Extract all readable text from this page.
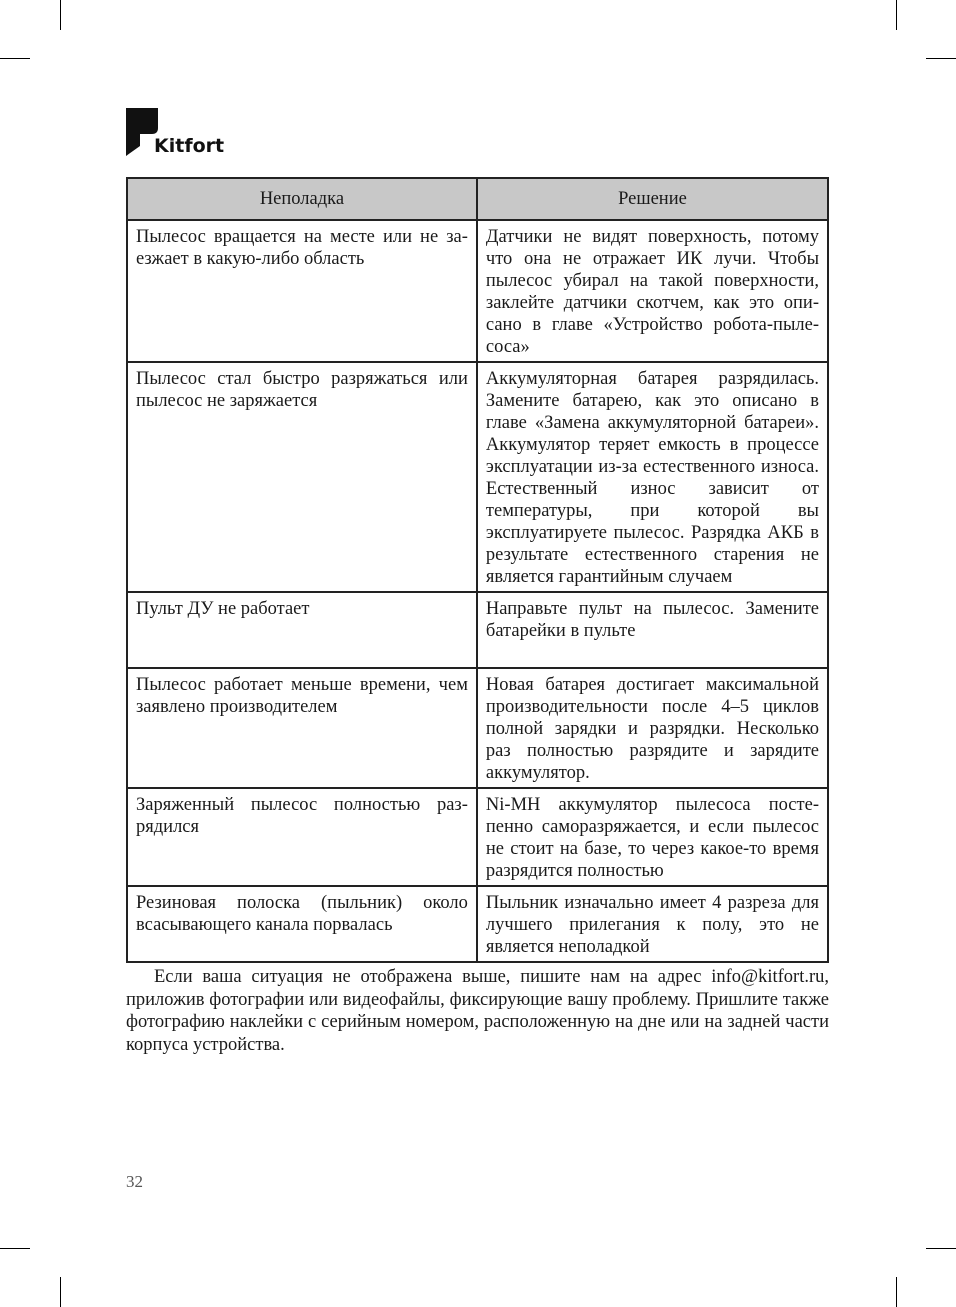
Kitfort
Неполадка	Решение
Пылесос вращается на месте или не заезжает в какую-либо область	Датчики не видят поверхность, потому что она не отражает ИК лучи. Чтобы пылесос убирал на такой поверхности, заклейте датчики скотчем, как это описано в главе «Устройство робота-пылесоса»
Пылесос стал быстро разряжаться или пылесос не заряжается	Аккумуляторная батарея разрядилась. Замените батарею, как это описано в главе «Замена аккумуляторной батареи». Аккумулятор теряет емкость в процессе эксплуатации из-за естественного износа. Естественный износ зависит от температуры, при которой вы эксплуатируете пылесос. Разрядка АКБ в результате естественного старения не является гарантийным случаем
Пульт ДУ не работает	Направьте пульт на пылесос. Замените батарейки в пульте
Пылесос работает меньше времени, чем заявлено производителем	Новая батарея достигает максимальной производительности после 4–5 циклов полной зарядки и разрядки. Несколько раз полностью разрядите и зарядите аккумулятор.
Заряженный пылесос полностью разрядился	Ni-MH аккумулятор пылесоса постепенно саморазряжается, и если пылесос не стоит на базе, то через какое-то время разрядится полностью
Резиновая полоска (пыльник) около всасывающего канала порвалась	Пыльник изначально имеет 4 разреза для лучшего прилегания к полу, это не является неполадкой

Если ваша ситуация не отображена выше, пишите нам на адрес info@kitfort.ru, приложив фотографии или видеофайлы, фиксирующие вашу проблему. Пришлите также фотографию наклейки с серийным номером, расположенную на дне или на задней части корпуса устройства.

32
